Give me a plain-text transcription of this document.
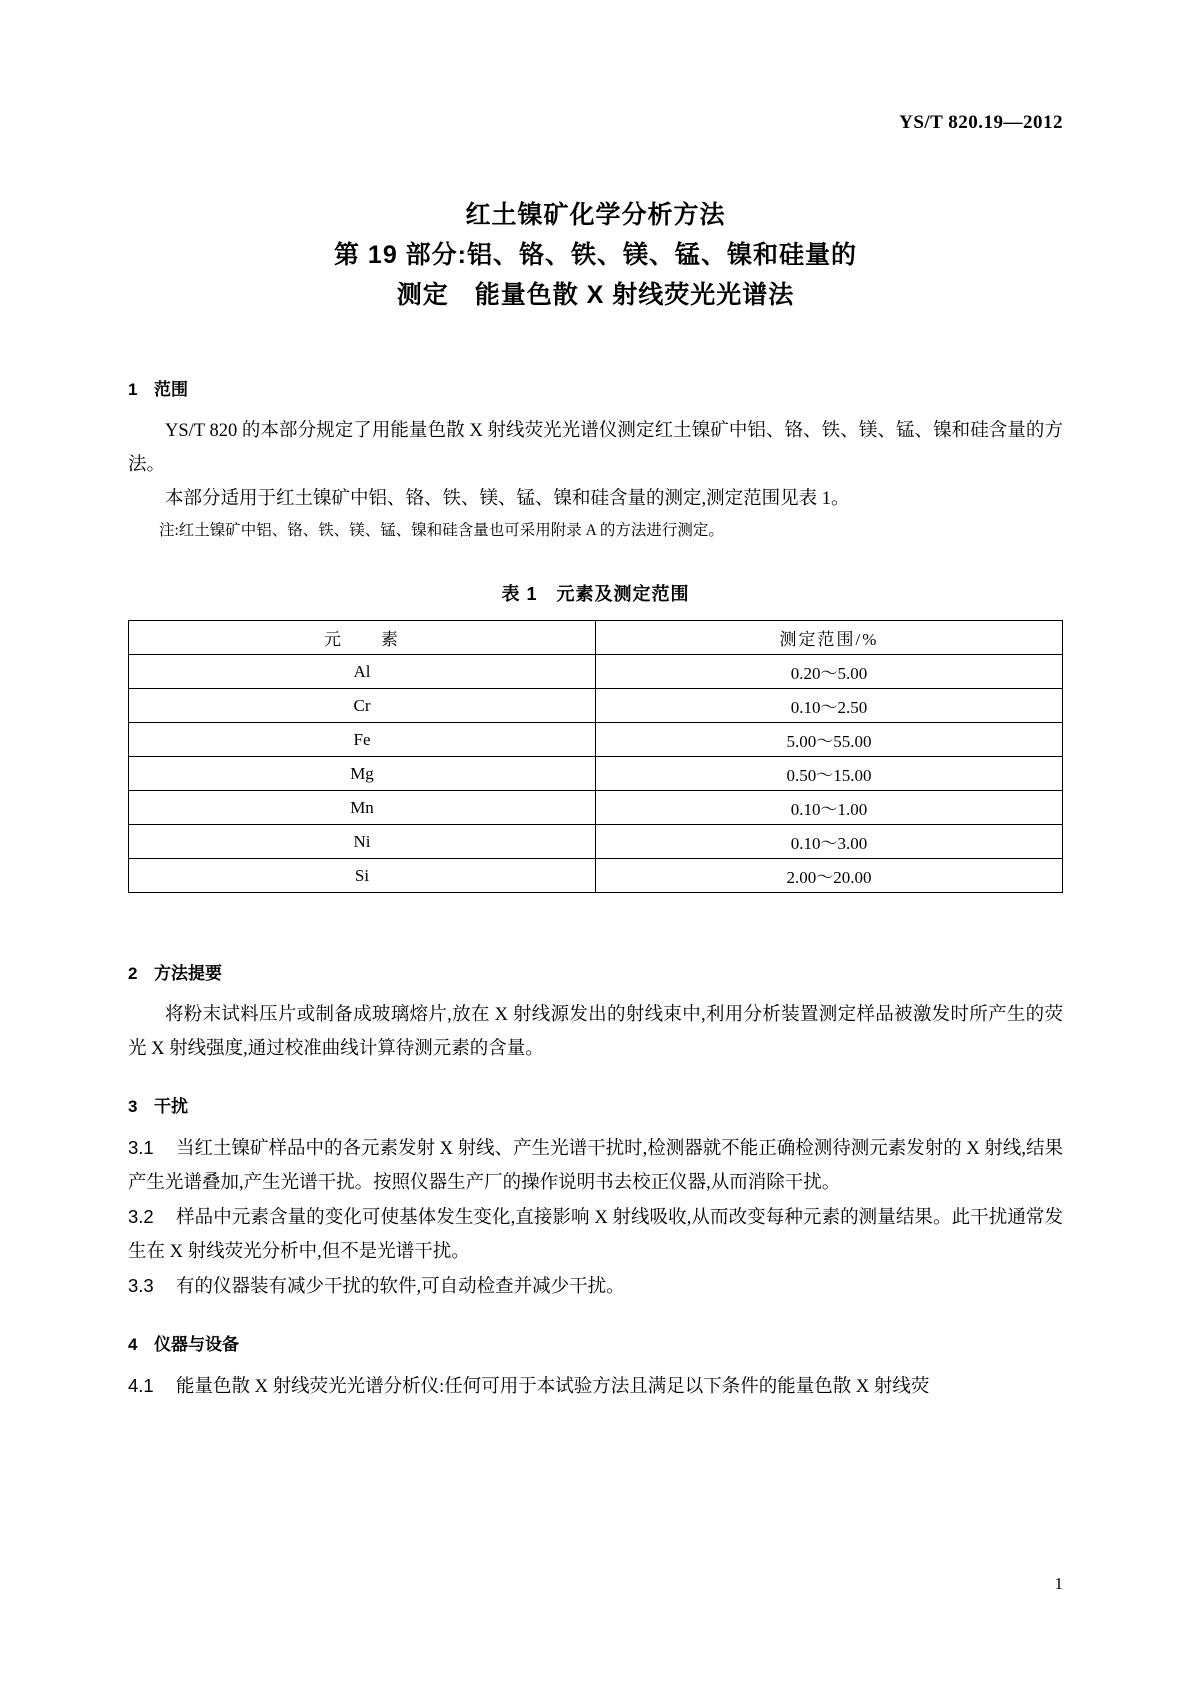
YS/T 820.19—2012
红土镍矿化学分析方法
第 19 部分:铝、铬、铁、镁、锰、镍和硅量的
测定　能量色散 X 射线荧光光谱法
1 范围

YS/T 820 的本部分规定了用能量色散 X 射线荧光光谱仪测定红土镍矿中铝、铬、铁、镁、锰、镍和硅含量的方法。

本部分适用于红土镍矿中铝、铬、铁、镁、锰、镍和硅含量的测定,测定范围见表 1。

注:红土镍矿中铝、铬、铁、镁、锰、镍和硅含量也可采用附录 A 的方法进行测定。

表 1　元素及测定范围
元　　素	测定范围/%
Al	0.20～5.00
Cr	0.10～2.50
Fe	5.00～55.00
Mg	0.50～15.00
Mn	0.10～1.00
Ni	0.10～3.00
Si	2.00～20.00
2 方法提要

将粉末试料压片或制备成玻璃熔片,放在 X 射线源发出的射线束中,利用分析装置测定样品被激发时所产生的荧光 X 射线强度,通过校准曲线计算待测元素的含量。

3 干扰

3.1 当红土镍矿样品中的各元素发射 X 射线、产生光谱干扰时,检测器就不能正确检测待测元素发射的 X 射线,结果产生光谱叠加,产生光谱干扰。按照仪器生产厂的操作说明书去校正仪器,从而消除干扰。

3.2 样品中元素含量的变化可使基体发生变化,直接影响 X 射线吸收,从而改变每种元素的测量结果。此干扰通常发生在 X 射线荧光分析中,但不是光谱干扰。

3.3 有的仪器装有减少干扰的软件,可自动检查并减少干扰。

4 仪器与设备

4.1 能量色散 X 射线荧光光谱分析仪:任何可用于本试验方法且满足以下条件的能量色散 X 射线荧

1
